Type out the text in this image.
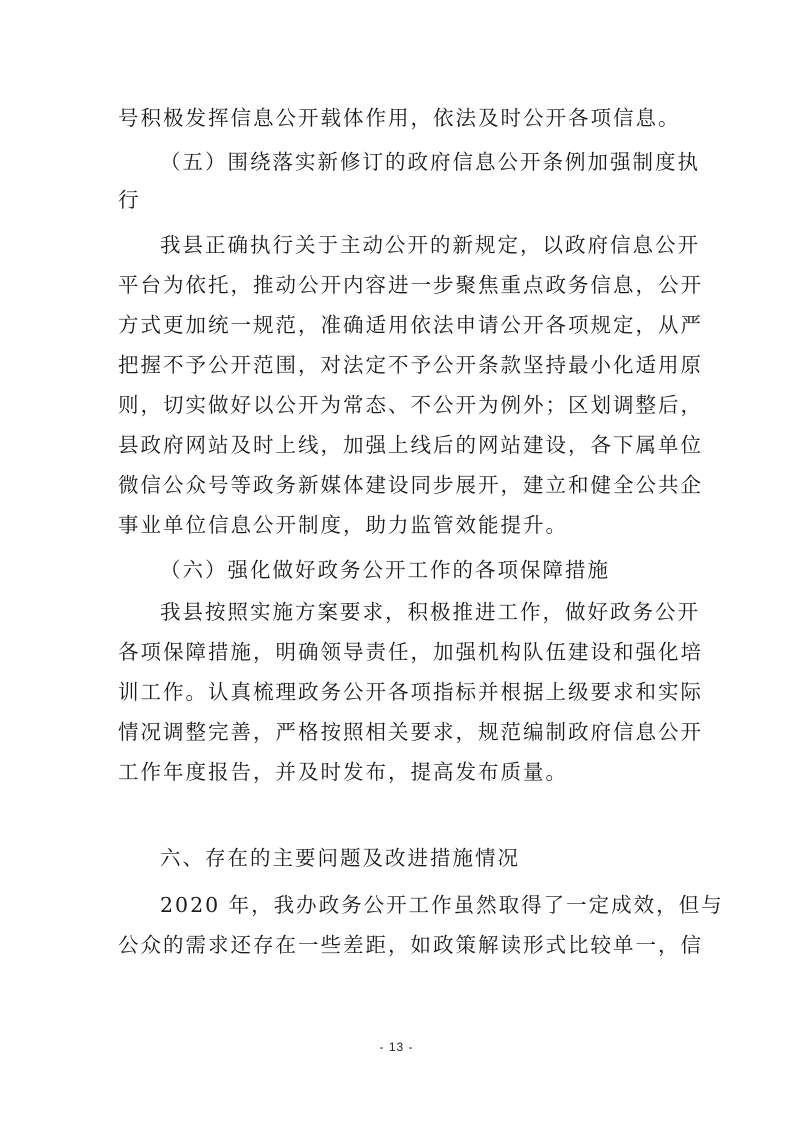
号积极发挥信息公开载体作用，依法及时公开各项信息。
（五）围绕落实新修订的政府信息公开条例加强制度执
行
我县正确执行关于主动公开的新规定，以政府信息公开
平台为依托，推动公开内容进一步聚焦重点政务信息，公开
方式更加统一规范，准确适用依法申请公开各项规定，从严
把握不予公开范围，对法定不予公开条款坚持最小化适用原
则，切实做好以公开为常态、不公开为例外；区划调整后，
县政府网站及时上线，加强上线后的网站建设，各下属单位
微信公众号等政务新媒体建设同步展开，建立和健全公共企
事业单位信息公开制度，助力监管效能提升。
（六）强化做好政务公开工作的各项保障措施
我县按照实施方案要求，积极推进工作，做好政务公开
各项保障措施，明确领导责任，加强机构队伍建设和强化培
训工作。认真梳理政务公开各项指标并根据上级要求和实际
情况调整完善，严格按照相关要求，规范编制政府信息公开
工作年度报告，并及时发布，提高发布质量。
六、存在的主要问题及改进措施情况
2020 年，我办政务公开工作虽然取得了一定成效，但与
公众的需求还存在一些差距，如政策解读形式比较单一，信
- 13 -
